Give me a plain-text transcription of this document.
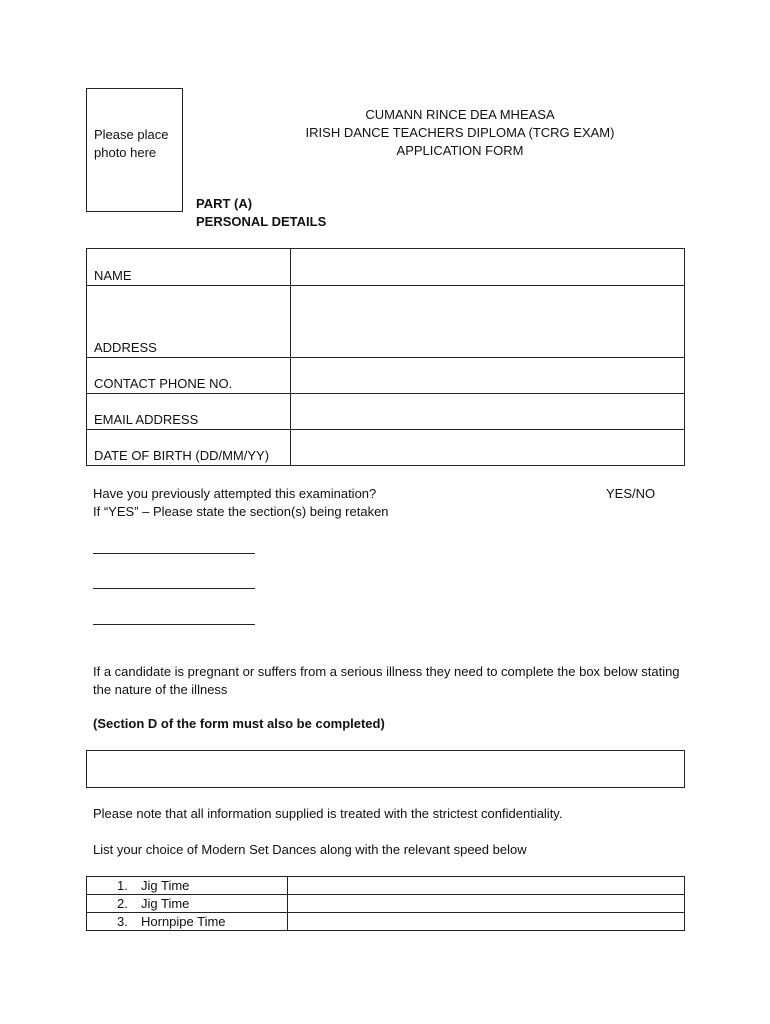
Please place
photo here
CUMANN RINCE DEA MHEASA
IRISH DANCE TEACHERS DIPLOMA (TCRG EXAM)
APPLICATION FORM
PART (A)
PERSONAL DETAILS
NAME	
ADDRESS	
CONTACT PHONE NO.	
EMAIL ADDRESS	
DATE OF BIRTH (DD/MM/YY)	
Have you previously attempted this examination?
If “YES” – Please state the section(s) being retaken
YES/NO
If a candidate is pregnant or suffers from a serious illness they need to complete the box below stating the nature of the illness
(Section D of the form must also be completed)
Please note that all information supplied is treated with the strictest confidentiality.
List your choice of Modern Set Dances along with the relevant speed below
1. Jig Time	
2. Jig Time	
3. Hornpipe Time	
